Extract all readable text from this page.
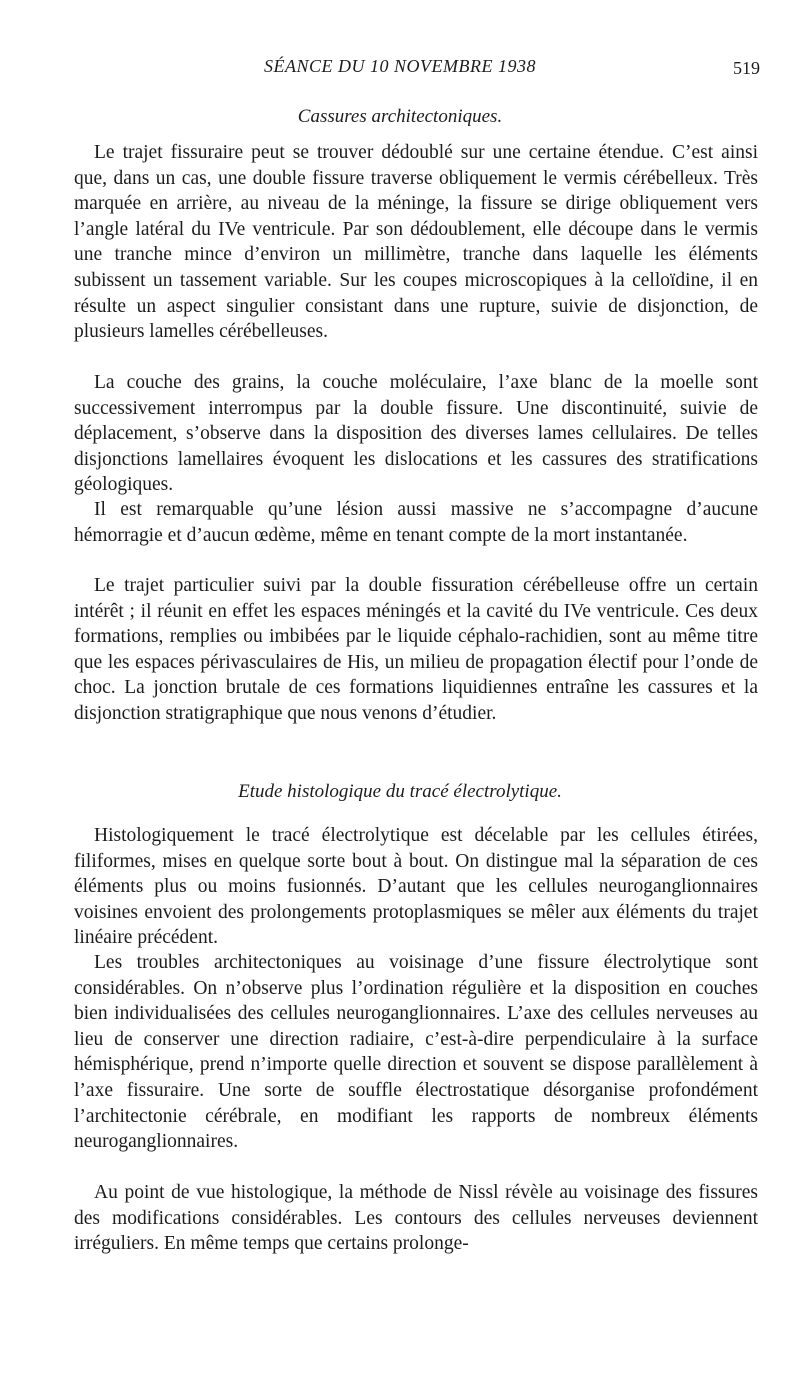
SÉANCE DU 10 NOVEMBRE 1938	519
Cassures architectoniques.

Le trajet fissuraire peut se trouver dédoublé sur une certaine étendue. C’est ainsi que, dans un cas, une double fissure traverse obliquement le vermis cérébelleux. Très marquée en arrière, au niveau de la méninge, la fissure se dirige obliquement vers l’angle latéral du IVe ventricule. Par son dédoublement, elle découpe dans le vermis une tranche mince d’environ un millimètre, tranche dans laquelle les éléments subissent un tassement variable. Sur les coupes microscopiques à la celloïdine, il en résulte un aspect singulier consistant dans une rupture, suivie de disjonction, de plusieurs lamelles cérébelleuses.

La couche des grains, la couche moléculaire, l’axe blanc de la moelle sont successivement interrompus par la double fissure. Une discontinuité, suivie de déplacement, s’observe dans la disposition des diverses lames cellulaires. De telles disjonctions lamellaires évoquent les dislocations et les cassures des stratifications géologiques.

Il est remarquable qu’une lésion aussi massive ne s’accompagne d’aucune hémorragie et d’aucun œdème, même en tenant compte de la mort instantanée.

Le trajet particulier suivi par la double fissuration cérébelleuse offre un certain intérêt ; il réunit en effet les espaces méningés et la cavité du IVe ventricule. Ces deux formations, remplies ou imbibées par le liquide céphalo-rachidien, sont au même titre que les espaces périvasculaires de His, un milieu de propagation électif pour l’onde de choc. La jonction brutale de ces formations liquidiennes entraîne les cassures et la disjonction stratigraphique que nous venons d’étudier.

Etude histologique du tracé électrolytique.

Histologiquement le tracé électrolytique est décelable par les cellules étirées, filiformes, mises en quelque sorte bout à bout. On distingue mal la séparation de ces éléments plus ou moins fusionnés. D’autant que les cellules neuroganglionnaires voisines envoient des prolongements protoplasmiques se mêler aux éléments du trajet linéaire précédent.

Les troubles architectoniques au voisinage d’une fissure électrolytique sont considérables. On n’observe plus l’ordination régulière et la disposition en couches bien individualisées des cellules neuroganglionnaires. L’axe des cellules nerveuses au lieu de conserver une direction radiaire, c’est-à-dire perpendiculaire à la surface hémisphérique, prend n’importe quelle direction et souvent se dispose parallèlement à l’axe fissuraire. Une sorte de souffle électrostatique désorganise profondément l’architectonie cérébrale, en modifiant les rapports de nombreux éléments neuroganglionnaires.

Au point de vue histologique, la méthode de Nissl révèle au voisinage des fissures des modifications considérables. Les contours des cellules nerveuses deviennent irréguliers. En même temps que certains prolonge-
